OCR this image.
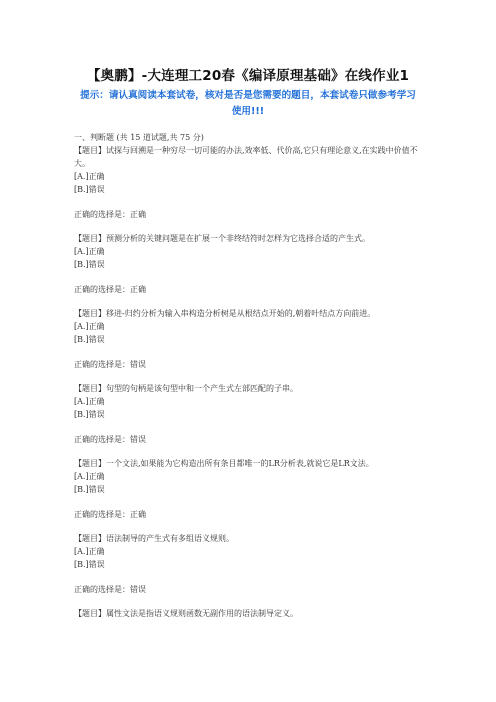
【奥鹏】-大连理工20春《编译原理基础》在线作业1
提示：请认真阅读本套试卷，核对是否是您需要的题目，本套试卷只做参考学习
使用!!!
一、判断题 (共 15 道试题,共 75 分)
【题目】试探与回溯是一种穷尽一切可能的办法,效率低、代价高,它只有理论意义,在实践中价值不大。
[A.]正确
[B.]错误
正确的选择是：正确
【题目】预测分析的关键问题是在扩展一个非终结符时怎样为它选择合适的产生式。
[A.]正确
[B.]错误
正确的选择是：正确
【题目】移进-归约分析为输入串构造分析树是从根结点开始的,朝着叶结点方向前进。
[A.]正确
[B.]错误
正确的选择是：错误
【题目】句型的句柄是该句型中和一个产生式左部匹配的子串。
[A.]正确
[B.]错误
正确的选择是：错误
【题目】一个文法,如果能为它构造出所有条目都唯一的LR分析表,就说它是LR文法。
[A.]正确
[B.]错误
正确的选择是：正确
【题目】语法制导的产生式有多组语义规则。
[A.]正确
[B.]错误
正确的选择是：错误
【题目】属性文法是指语义规则函数无副作用的语法制导定义。
